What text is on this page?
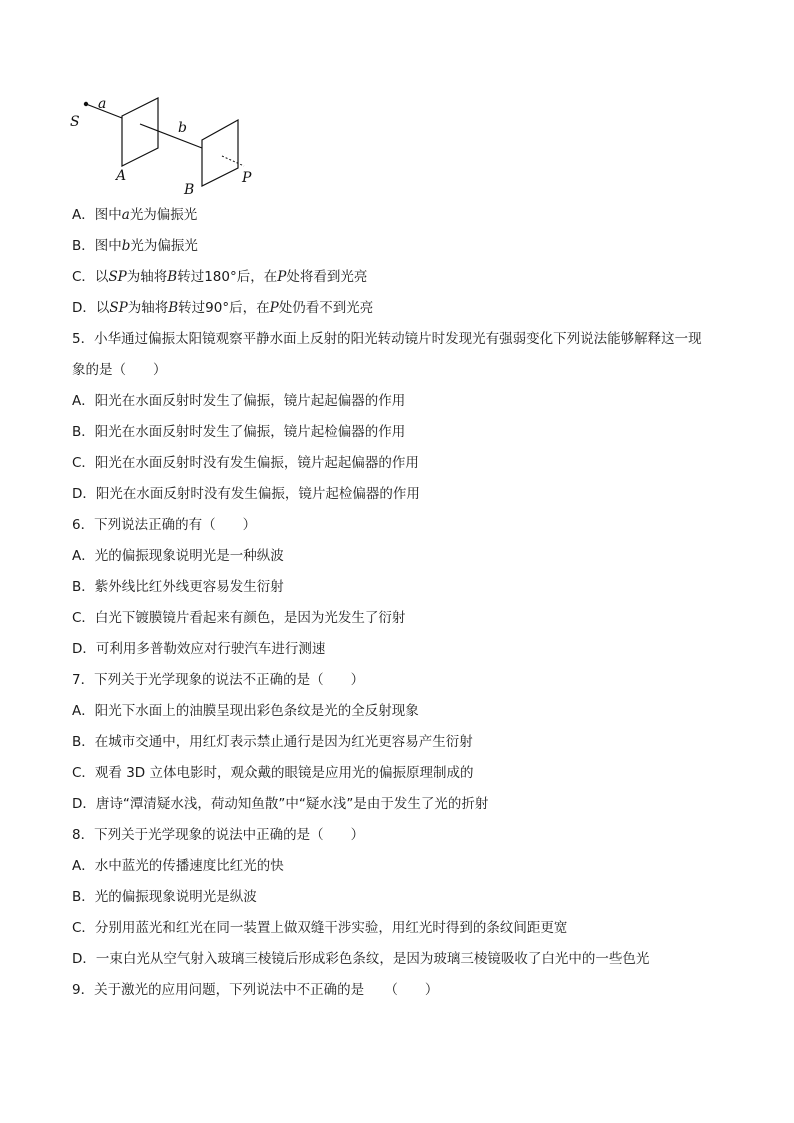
S
a
b
A
B
P
A．图中a光为偏振光
B．图中b光为偏振光
C．以SP为轴将B转过180°后，在P处将看到光亮
D．以SP为轴将B转过90°后，在P处仍看不到光亮
5．小华通过偏振太阳镜观察平静水面上反射的阳光转动镜片时发现光有强弱变化下列说法能够解释这一现
象的是（　　）
A．阳光在水面反射时发生了偏振，镜片起起偏器的作用
B．阳光在水面反射时发生了偏振，镜片起检偏器的作用
C．阳光在水面反射时没有发生偏振，镜片起起偏器的作用
D．阳光在水面反射时没有发生偏振，镜片起检偏器的作用
6．下列说法正确的有（　　）
A．光的偏振现象说明光是一种纵波
B．紫外线比红外线更容易发生衍射
C．白光下镀膜镜片看起来有颜色，是因为光发生了衍射
D．可利用多普勒效应对行驶汽车进行测速
7．下列关于光学现象的说法不正确的是（　　）
A．阳光下水面上的油膜呈现出彩色条纹是光的全反射现象
B．在城市交通中，用红灯表示禁止通行是因为红光更容易产生衍射
C．观看 3D 立体电影时，观众戴的眼镜是应用光的偏振原理制成的
D．唐诗“潭清疑水浅，荷动知鱼散”中“疑水浅”是由于发生了光的折射
8．下列关于光学现象的说法中正确的是（　　）
A．水中蓝光的传播速度比红光的快
B．光的偏振现象说明光是纵波
C．分别用蓝光和红光在同一装置上做双缝干涉实验，用红光时得到的条纹间距更宽
D．一束白光从空气射入玻璃三棱镜后形成彩色条纹，是因为玻璃三棱镜吸收了白光中的一些色光
9．关于激光的应用问题，下列说法中不正确的是　　（　　）
